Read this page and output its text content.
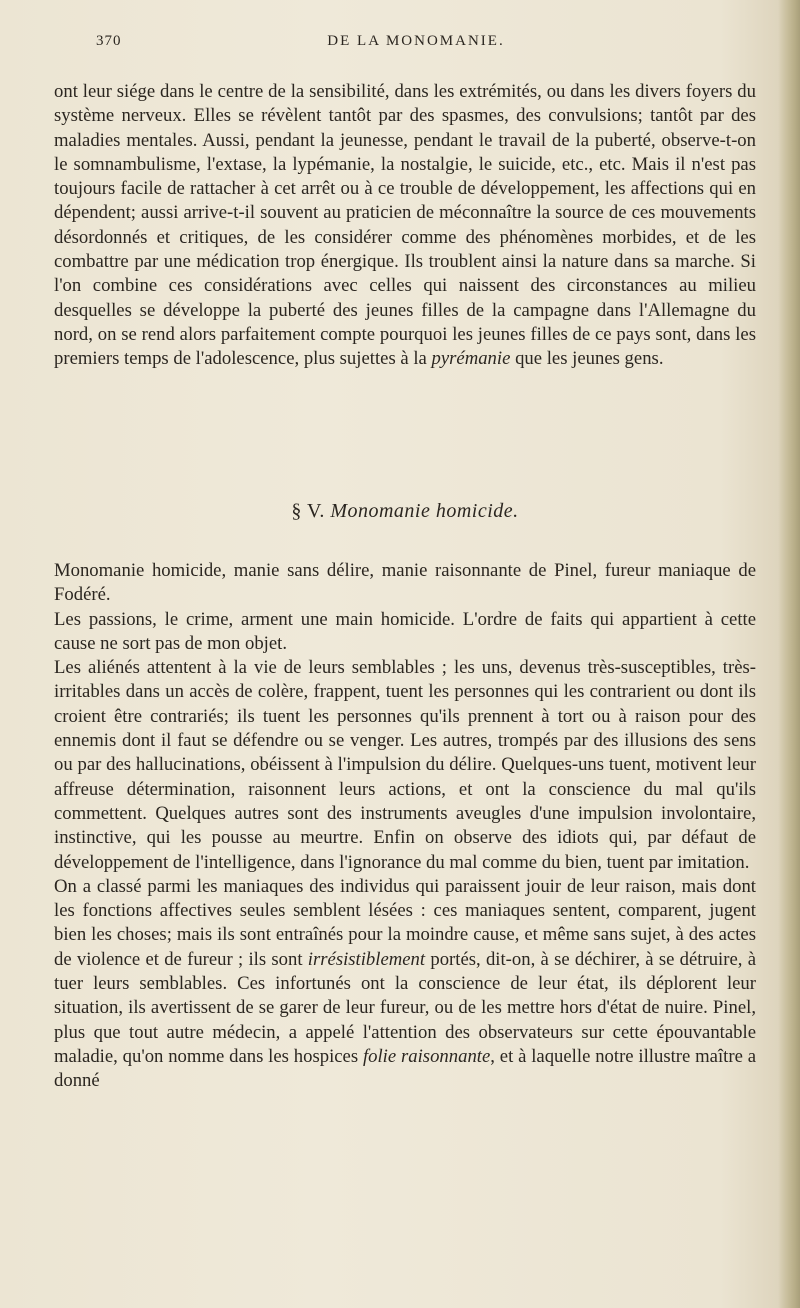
370	DE LA MONOMANIE.

ont leur siége dans le centre de la sensibilité, dans les extrémités, ou dans les divers foyers du système nerveux. Elles se révèlent tantôt par des spasmes, des convulsions; tantôt par des maladies mentales. Aussi, pendant la jeunesse, pendant le travail de la puberté, observe-t-on le somnambulisme, l'extase, la lypémanie, la nostalgie, le suicide, etc., etc. Mais il n'est pas toujours facile de rattacher à cet arrêt ou à ce trouble de développement, les affections qui en dépendent; aussi arrive-t-il souvent au praticien de méconnaître la source de ces mouvements désordonnés et critiques, de les considérer comme des phénomènes morbides, et de les combattre par une médication trop énergique. Ils troublent ainsi la nature dans sa marche. Si l'on combine ces considérations avec celles qui naissent des circonstances au milieu desquelles se développe la puberté des jeunes filles de la campagne dans l'Allemagne du nord, on se rend alors parfaitement compte pourquoi les jeunes filles de ce pays sont, dans les premiers temps de l'adolescence, plus sujettes à la pyrémanie que les jeunes gens.

§ V. Monomanie homicide.

Monomanie homicide, manie sans délire, manie raisonnante de Pinel, fureur maniaque de Fodéré.

Les passions, le crime, arment une main homicide. L'ordre de faits qui appartient à cette cause ne sort pas de mon objet.

Les aliénés attentent à la vie de leurs semblables ; les uns, devenus très-susceptibles, très-irritables dans un accès de colère, frappent, tuent les personnes qui les contrarient ou dont ils croient être contrariés; ils tuent les personnes qu'ils prennent à tort ou à raison pour des ennemis dont il faut se défendre ou se venger. Les autres, trompés par des illusions des sens ou par des hallucinations, obéissent à l'impulsion du délire. Quelques-uns tuent, motivent leur affreuse détermination, raisonnent leurs actions, et ont la conscience du mal qu'ils commettent. Quelques autres sont des instruments aveugles d'une impulsion involontaire, instinctive, qui les pousse au meurtre. Enfin on observe des idiots qui, par défaut de développement de l'intelligence, dans l'ignorance du mal comme du bien, tuent par imitation.

On a classé parmi les maniaques des individus qui paraissent jouir de leur raison, mais dont les fonctions affectives seules semblent lésées : ces maniaques sentent, comparent, jugent bien les choses; mais ils sont entraînés pour la moindre cause, et même sans sujet, à des actes de violence et de fureur ; ils sont irrésistiblement portés, dit-on, à se déchirer, à se détruire, à tuer leurs semblables. Ces infortunés ont la conscience de leur état, ils déplorent leur situation, ils avertissent de se garer de leur fureur, ou de les mettre hors d'état de nuire. Pinel, plus que tout autre médecin, a appelé l'attention des observateurs sur cette épouvantable maladie, qu'on nomme dans les hospices folie raisonnante, et à laquelle notre illustre maître a donné
